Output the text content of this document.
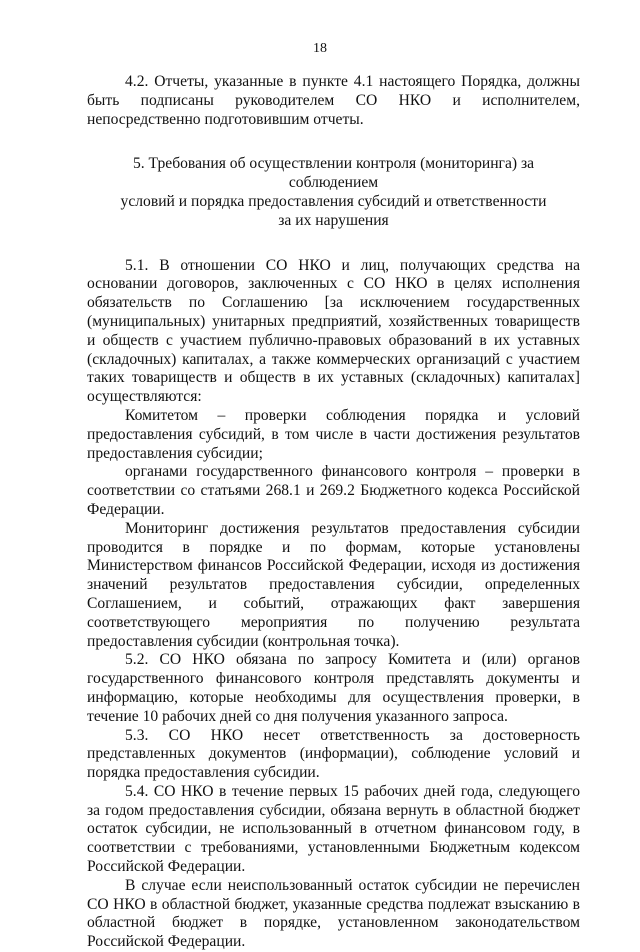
18

4.2. Отчеты, указанные в пункте 4.1 настоящего Порядка, должны быть подписаны руководителем СО НКО и исполнителем, непосредственно подготовившим отчеты.

5. Требования об осуществлении контроля (мониторинга) за соблюдением
условий и порядка предоставления субсидий и ответственности
за их нарушения

5.1. В отношении СО НКО и лиц, получающих средства на основании договоров, заключенных с СО НКО в целях исполнения обязательств по Соглашению [за исключением государственных (муниципальных) унитарных предприятий, хозяйственных товариществ и обществ с участием публично-правовых образований в их уставных (складочных) капиталах, а также коммерческих организаций с участием таких товариществ и обществ в их уставных (складочных) капиталах] осуществляются:

Комитетом – проверки соблюдения порядка и условий предоставления субсидий, в том числе в части достижения результатов предоставления субсидии;

органами государственного финансового контроля – проверки в соответствии со статьями 268.1 и 269.2 Бюджетного кодекса Российской Федерации.

Мониторинг достижения результатов предоставления субсидии проводится в порядке и по формам, которые установлены Министерством финансов Российской Федерации, исходя из достижения значений результатов предоставления субсидии, определенных Соглашением, и событий, отражающих факт завершения соответствующего мероприятия по получению результата предоставления субсидии (контрольная точка).

5.2. СО НКО обязана по запросу Комитета и (или) органов государственного финансового контроля представлять документы и информацию, которые необходимы для осуществления проверки, в течение 10 рабочих дней со дня получения указанного запроса.

5.3. СО НКО несет ответственность за достоверность представленных документов (информации), соблюдение условий и порядка предоставления субсидии.

5.4. СО НКО в течение первых 15 рабочих дней года, следующего за годом предоставления субсидии, обязана вернуть в областной бюджет остаток субсидии, не использованный в отчетном финансовом году, в соответствии с требованиями, установленными Бюджетным кодексом Российской Федерации.

В случае если неиспользованный остаток субсидии не перечислен СО НКО в областной бюджет, указанные средства подлежат взысканию в областной бюджет в порядке, установленном законодательством Российской Федерации.
